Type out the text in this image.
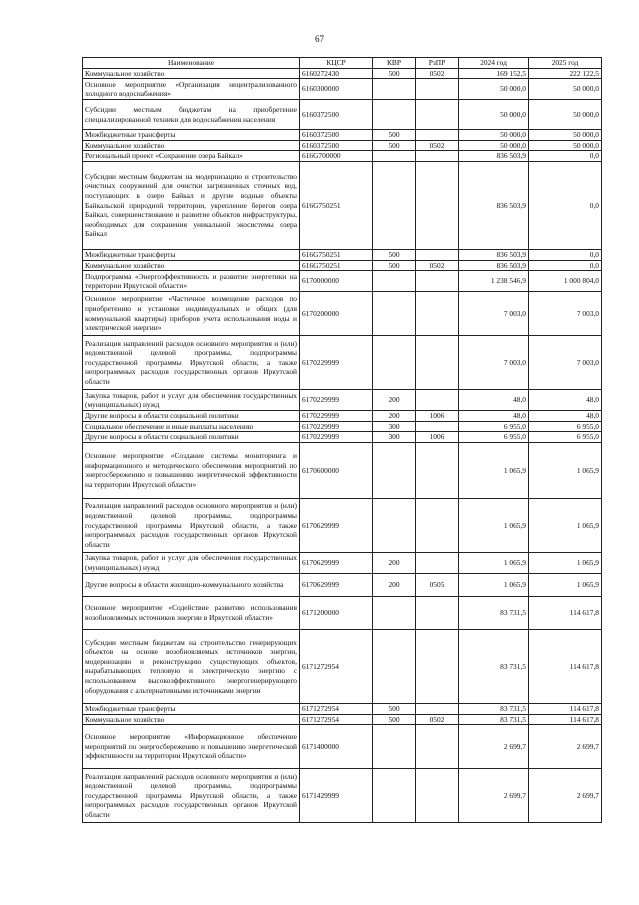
67
Наименование	КЦСР	КВР	РзПР	2024 год	2025 год
Коммунальное хозяйство	6160272430	500	0502	169 152,5	222 122,5
Основное мероприятие «Организация нецентрализованного холодного водоснабжения»	6160300000			50 000,0	50 000,0
Субсидии местным бюджетам на приобретение специализированной техники для водоснабжения населения	6160372500			50 000,0	50 000,0
Межбюджетные трансферты	6160372500	500		50 000,0	50 000,0
Коммунальное хозяйство	6160372500	500	0502	50 000,0	50 000,0
Региональный проект «Сохранение озера Байкал»	616G700000			836 503,9	0,0
Субсидии местным бюджетам на модернизацию и строительство очистных сооружений для очистки загрязненных сточных вод, поступающих в озеро Байкал и другие водные объекты Байкальской природной территории, укрепление берегов озера Байкал, совершенствование и развитие объектов инфраструктуры, необходимых для сохранения уникальной экосистемы озера Байкал	616G750251			836 503,9	0,0
Межбюджетные трансферты	616G750251	500		836 503,9	0,0
Коммунальное хозяйство	616G750251	500	0502	836 503,9	0,0
Подпрограмма «Энергоэффективность и развитие энергетики на территории Иркутской области»	6170000000			1 238 546,9	1 000 804,0
Основное мероприятие «Частичное возмещение расходов по приобретению и установке индивидуальных и общих (для коммунальной квартиры) приборов учета использования воды и электрической энергии»	6170200000			7 003,0	7 003,0
Реализация направлений расходов основного мероприятия и (или) ведомственной целевой программы, подпрограммы государственной программы Иркутской области, а также непрограммных расходов государственных органов Иркутской области	6170229999			7 003,0	7 003,0
Закупка товаров, работ и услуг для обеспечения государственных (муниципальных) нужд	6170229999	200		48,0	48,0
Другие вопросы в области социальной политики	6170229999	200	1006	48,0	48,0
Социальное обеспечение и иные выплаты населению	6170229999	300		6 955,0	6 955,0
Другие вопросы в области социальной политики	6170229999	300	1006	6 955,0	6 955,0
Основное мероприятие «Создание системы мониторинга и информационного и методического обеспечения мероприятий по энергосбережению и повышению энергетической эффективности на территории Иркутской области»	6170600000			1 065,9	1 065,9
Реализация направлений расходов основного мероприятия и (или) ведомственной целевой программы, подпрограммы государственной программы Иркутской области, а также непрограммных расходов государственных органов Иркутской области	6170629999			1 065,9	1 065,9
Закупка товаров, работ и услуг для обеспечения государственных (муниципальных) нужд	6170629999	200		1 065,9	1 065,9
Другие вопросы в области жилищно-коммунального хозяйства	6170629999	200	0505	1 065,9	1 065,9
Основное мероприятие «Содействие развитию использования возобновляемых источников энергии в Иркутской области»	6171200000			83 731,5	114 617,8
Субсидии местным бюджетам на строительство генерирующих объектов на основе возобновляемых источников энергии, модернизацию и реконструкцию существующих объектов, вырабатывающих тепловую и электрическую энергию с использованием высокоэффективного энергогенерирующего оборудования с альтернативными источниками энергии	6171272954			83 731,5	114 617,8
Межбюджетные трансферты	6171272954	500		83 731,5	114 617,8
Коммунальное хозяйство	6171272954	500	0502	83 731,5	114 617,8
Основное мероприятие «Информационное обеспечение мероприятий по энергосбережению и повышению энергетической эффективности на территории Иркутской области»	6171400000			2 699,7	2 699,7
Реализация направлений расходов основного мероприятия и (или) ведомственной целевой программы, подпрограммы государственной программы Иркутской области, а также непрограммных расходов государственных органов Иркутской области	6171429999			2 699,7	2 699,7
